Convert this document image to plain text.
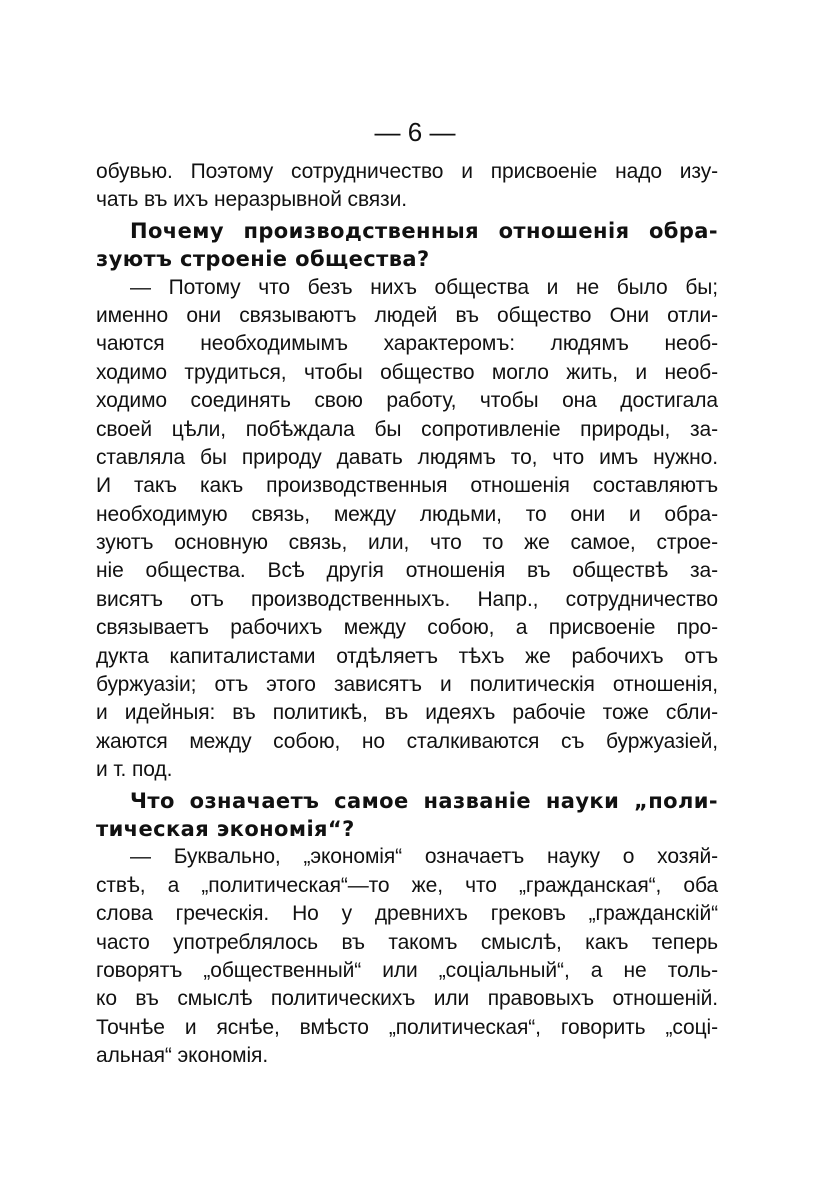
— 6 —
обувью. Поэтому сотрудничество и присвоеніе надо изу-
чать въ ихъ неразрывной связи.
Почему производственныя отношенія обра-
зуютъ строеніе общества?
— Потому что безъ нихъ общества и не было бы;
именно они связываютъ людей въ общество Они отли-
чаются необходимымъ характеромъ: людямъ необ-
ходимо трудиться, чтобы общество могло жить, и необ-
ходимо соединять свою работу, чтобы она достигала
своей цѣли, побѣждала бы сопротивленіе природы, за-
ставляла бы природу давать людямъ то, что имъ нужно.
И такъ какъ производственныя отношенія составляютъ
необходимую связь, между людьми, то они и обра-
зуютъ основную связь, или, что то же самое, строе-
ніе общества. Всѣ другія отношенія въ обществѣ за-
висятъ отъ производственныхъ. Напр., сотрудничество
связываетъ рабочихъ между собою, а присвоеніе про-
дукта капиталистами отдѣляетъ тѣхъ же рабочихъ отъ
буржуазіи; отъ этого зависятъ и политическія отношенія,
и идейныя: въ политикѣ, въ идеяхъ рабочіе тоже сбли-
жаются между собою, но сталкиваются съ буржуазіей,
и т. под.
Что означаетъ самое названіе науки „поли-
тическая экономія“?
— Буквально, „экономія“ означаетъ науку о хозяй-
ствѣ, а „политическая“—то же, что „гражданская“, оба
слова греческія. Но у древнихъ грековъ „гражданскій“
часто употреблялось въ такомъ смыслѣ, какъ теперь
говорятъ „общественный“ или „соціальный“, а не толь-
ко въ смыслѣ политическихъ или правовыхъ отношеній.
Точнѣе и яснѣе, вмѣсто „политическая“, говорить „соці-
альная“ экономія.
